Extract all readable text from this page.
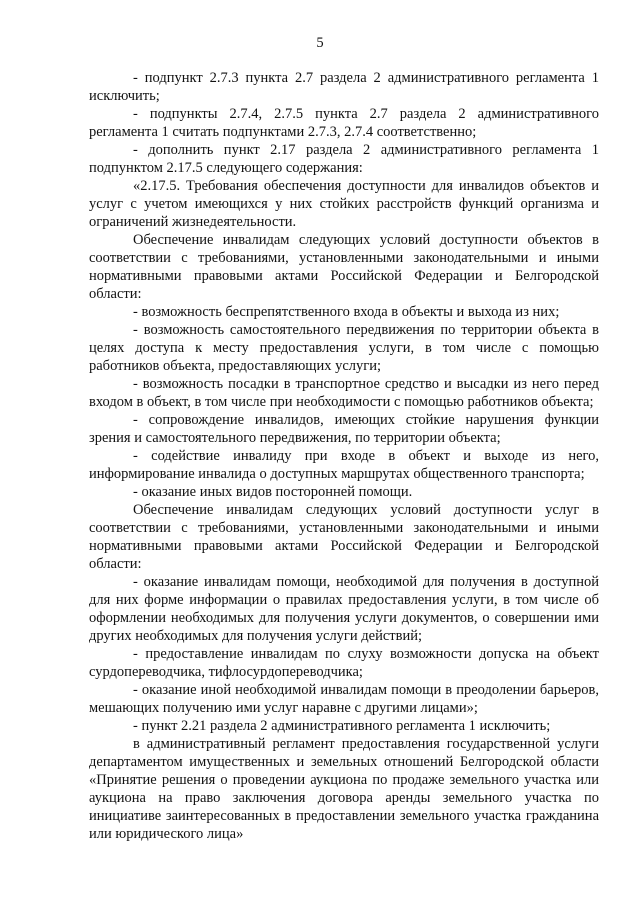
5

- подпункт 2.7.3 пункта 2.7 раздела 2 административного регламента 1 исключить;

- подпункты 2.7.4, 2.7.5 пункта 2.7 раздела 2 административного регламента 1 считать подпунктами 2.7.3, 2.7.4 соответственно;

- дополнить пункт 2.17 раздела 2 административного регламента 1 подпунктом 2.17.5 следующего содержания:

«2.17.5. Требования обеспечения доступности для инвалидов объектов и услуг с учетом имеющихся у них стойких расстройств функций организма и ограничений жизнедеятельности.

Обеспечение инвалидам следующих условий доступности объектов в соответствии с требованиями, установленными законодательными и иными нормативными правовыми актами Российской Федерации и Белгородской области:

- возможность беспрепятственного входа в объекты и выхода из них;

- возможность самостоятельного передвижения по территории объекта в целях доступа к месту предоставления услуги, в том числе с помощью работников объекта, предоставляющих услуги;

- возможность посадки в транспортное средство и высадки из него перед входом в объект, в том числе при необходимости с помощью работников объекта;

- сопровождение инвалидов, имеющих стойкие нарушения функции зрения и самостоятельного передвижения, по территории объекта;

- содействие инвалиду при входе в объект и выходе из него, информирование инвалида о доступных маршрутах общественного транспорта;

- оказание иных видов посторонней помощи.

Обеспечение инвалидам следующих условий доступности услуг в соответствии с требованиями, установленными законодательными и иными нормативными правовыми актами Российской Федерации и Белгородской области:

- оказание инвалидам помощи, необходимой для получения в доступной для них форме информации о правилах предоставления услуги, в том числе об оформлении необходимых для получения услуги документов, о совершении ими других необходимых для получения услуги действий;

- предоставление инвалидам по слуху возможности допуска на объект сурдопереводчика, тифлосурдопереводчика;

- оказание иной необходимой инвалидам помощи в преодолении барьеров, мешающих получению ими услуг наравне с другими лицами»;

- пункт 2.21 раздела 2 административного регламента 1 исключить;

в административный регламент предоставления государственной услуги департаментом имущественных и земельных отношений Белгородской области «Принятие решения о проведении аукциона по продаже земельного участка или аукциона на право заключения договора аренды земельного участка по инициативе заинтересованных в предоставлении земельного участка гражданина или юридического лица»
